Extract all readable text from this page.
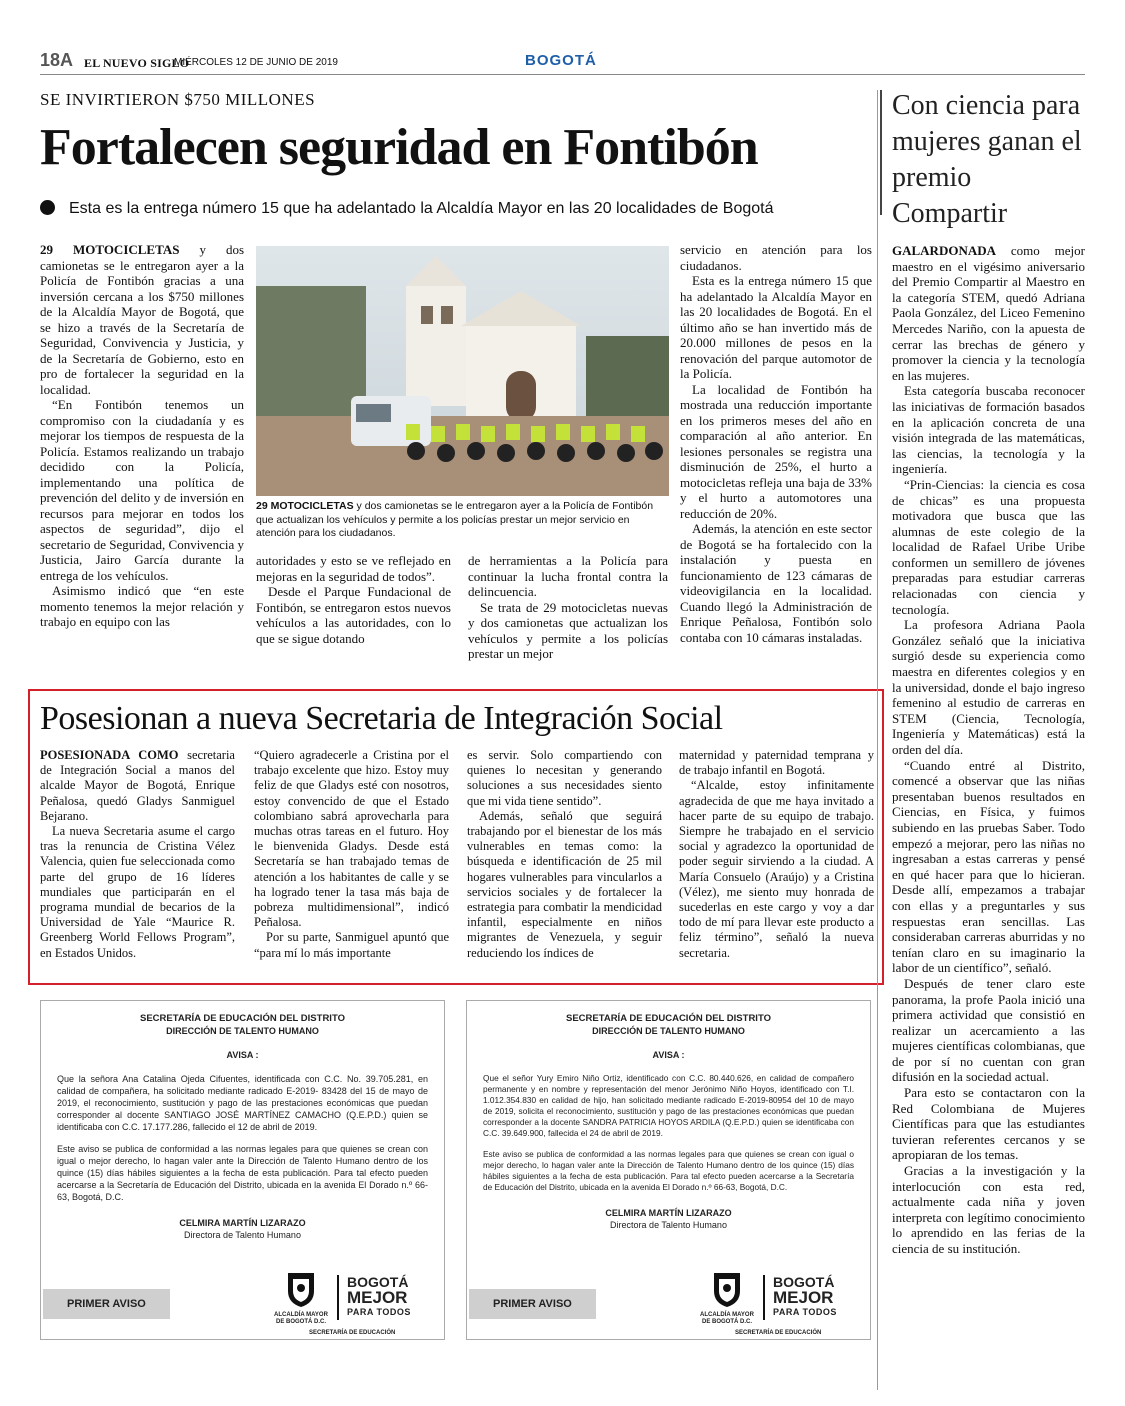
18A EL NUEVO SIGLO
MIÉRCOLES 12 DE JUNIO DE 2019	BOGOTÁ
SE INVIRTIERON $750 MILLONES
Fortalecen seguridad en Fontibón
Esta es la entrega número 15 que ha adelantado la Alcaldía Mayor en las 20 localidades de Bogotá

29 MOTOCICLETAS y dos camionetas se le entregaron ayer a la Policía de Fontibón gracias a una inversión cercana a los $750 millones de la Alcaldía Mayor de Bogotá, que se hizo a través de la Secretaría de Seguridad, Convivencia y Justicia, y de la Secretaría de Gobierno, esto en pro de fortalecer la seguridad en la localidad.

“En Fontibón tenemos un compromiso con la ciudadanía y es mejorar los tiempos de respuesta de la Policía. Estamos realizando un trabajo decidido con la Policía, implementando una política de prevención del delito y de inversión en recursos para mejorar en todos los aspectos de seguridad”, dijo el secretario de Seguridad, Convivencia y Justicia, Jairo García durante la entrega de los vehículos.

Asimismo indicó que “en este momento tenemos la mejor relación y trabajo en equipo con las

29 MOTOCICLETAS y dos camionetas se le entregaron ayer a la Policía de Fontibón que actualizan los vehículos y permite a los policías prestar un mejor servicio en atención para los ciudadanos.

autoridades y esto se ve reflejado en mejoras en la seguridad de todos”.

Desde el Parque Fundacional de Fontibón, se entregaron estos nuevos vehículos a las autoridades, con lo que se sigue dotando

de herramientas a la Policía para continuar la lucha frontal contra la delincuencia.

Se trata de 29 motocicletas nuevas y dos camionetas que actualizan los vehículos y permite a los policías prestar un mejor

servicio en atención para los ciudadanos.

Esta es la entrega número 15 que ha adelantado la Alcaldía Mayor en las 20 localidades de Bogotá. En el último año se han invertido más de 20.000 millones de pesos en la renovación del parque automotor de la Policía.

La localidad de Fontibón ha mostrada una reducción importante en los primeros meses del año en comparación al año anterior. En lesiones personales se registra una disminución de 25%, el hurto a motocicletas refleja una baja de 33% y el hurto a automotores una reducción de 20%.

Además, la atención en este sector de Bogotá se ha fortalecido con la instalación y puesta en funcionamiento de 123 cámaras de videovigilancia en la localidad. Cuando llegó la Administración de Enrique Peñalosa, Fontibón solo contaba con 10 cámaras instaladas.

Posesionan a nueva Secretaria de Integración Social

POSESIONADA COMO secretaria de Integración Social a manos del alcalde Mayor de Bogotá, Enrique Peñalosa, quedó Gladys Sanmiguel Bejarano.

La nueva Secretaria asume el cargo tras la renuncia de Cristina Vélez Valencia, quien fue seleccionada como parte del grupo de 16 líderes mundiales que participarán en el programa mundial de becarios de la Universidad de Yale “Maurice R. Greenberg World Fellows Program”, en Estados Unidos.

“Quiero agradecerle a Cristina por el trabajo excelente que hizo. Estoy muy feliz de que Gladys esté con nosotros, estoy convencido de que el Estado colombiano sabrá aprovecharla para muchas otras tareas en el futuro. Hoy le bienvenida Gladys. Desde está Secretaría se han trabajado temas de atención a los habitantes de calle y se ha logrado tener la tasa más baja de pobreza multidimensional”, indicó Peñalosa.

Por su parte, Sanmiguel apuntó que “para mí lo más importante

es servir. Solo compartiendo con quienes lo necesitan y generando soluciones a sus necesidades siento que mi vida tiene sentido”.

Además, señaló que seguirá trabajando por el bienestar de los más vulnerables en temas como: la búsqueda e identificación de 25 mil hogares vulnerables para vincularlos a servicios sociales y de fortalecer la estrategia para combatir la mendicidad infantil, especialmente en niños migrantes de Venezuela, y seguir reduciendo los índices de

maternidad y paternidad temprana y de trabajo infantil en Bogotá.

“Alcalde, estoy infinitamente agradecida de que me haya invitado a hacer parte de su equipo de trabajo. Siempre he trabajado en el servicio social y agradezco la oportunidad de poder seguir sirviendo a la ciudad. A María Consuelo (Araújo) y a Cristina (Vélez), me siento muy honrada de sucederlas en este cargo y voy a dar todo de mí para llevar este producto a feliz término”, señaló la nueva secretaria.

Con ciencia para mujeres ganan el premio Compartir

GALARDONADA como mejor maestro en el vigésimo aniversario del Premio Compartir al Maestro en la categoría STEM, quedó Adriana Paola González, del Liceo Femenino Mercedes Nariño, con la apuesta de cerrar las brechas de género y promover la ciencia y la tecnología en las mujeres.

Esta categoría buscaba reconocer las iniciativas de formación basados en la aplicación concreta de una visión integrada de las matemáticas, las ciencias, la tecnología y la ingeniería.

“Prin-Ciencias: la ciencia es cosa de chicas” es una propuesta motivadora que busca que las alumnas de este colegio de la localidad de Rafael Uribe Uribe conformen un semillero de jóvenes preparadas para estudiar carreras relacionadas con ciencia y tecnología.

La profesora Adriana Paola González señaló que la iniciativa surgió desde su experiencia como maestra en diferentes colegios y en la universidad, donde el bajo ingreso femenino al estudio de carreras en STEM (Ciencia, Tecnología, Ingeniería y Matemáticas) está la orden del día.

“Cuando entré al Distrito, comencé a observar que las niñas presentaban buenos resultados en Ciencias, en Física, y fuimos subiendo en las pruebas Saber. Todo empezó a mejorar, pero las niñas no ingresaban a estas carreras y pensé en qué hacer para que lo hicieran. Desde allí, empezamos a trabajar con ellas y a preguntarles y sus respuestas eran sencillas. Las consideraban carreras aburridas y no tenían claro en su imaginario la labor de un científico”, señaló.

Después de tener claro este panorama, la profe Paola inició una primera actividad que consistió en realizar un acercamiento a las mujeres científicas colombianas, que de por sí no cuentan con gran difusión en la sociedad actual.

Para esto se contactaron con la Red Colombiana de Mujeres Científicas para que las estudiantes tuvieran referentes cercanos y se apropiaran de los temas.

Gracias a la investigación y la interlocución con esta red, actualmente cada niña y joven interpreta con legítimo conocimiento lo aprendido en las ferias de la ciencia de su institución.

SECRETARÍA DE EDUCACIÓN DEL DISTRITO
DIRECCIÓN DE TALENTO HUMANO
AVISA :

Que la señora Ana Catalina Ojeda Cifuentes, identificada con C.C. No. 39.705.281, en calidad de compañera, ha solicitado mediante radicado E-2019- 83428 del 15 de mayo de 2019, el reconocimiento, sustitución y pago de las prestaciones económicas que puedan corresponder al docente SANTIAGO JOSÉ MARTÍNEZ CAMACHO (Q.E.P.D.) quien se identificaba con C.C. 17.177.286, fallecido el 12 de abril de 2019.

Este aviso se publica de conformidad a las normas legales para que quienes se crean con igual o mejor derecho, lo hagan valer ante la Dirección de Talento Humano dentro de los quince (15) días hábiles siguientes a la fecha de esta publicación. Para tal efecto pueden acercarse a la Secretaría de Educación del Distrito, ubicada en la avenida El Dorado n.º 66-63, Bogotá, D.C.

CELMIRA MARTÍN LIZARAZO
Directora de Talento Humano
PRIMER AVISO
ALCALDÍA MAYOR DE BOGOTÁ D.C.
BOGOTÁ
MEJOR
PARA TODOS
SECRETARÍA DE EDUCACIÓN
SECRETARÍA DE EDUCACIÓN DEL DISTRITO
DIRECCIÓN DE TALENTO HUMANO
AVISA :

Que el señor Yury Emiro Niño Ortiz, identificado con C.C. 80.440.626, en calidad de compañero permanente y en nombre y representación del menor Jerónimo Niño Hoyos, identificado con T.I. 1.012.354.830 en calidad de hijo, han solicitado mediante radicado E-2019-80954 del 10 de mayo de 2019, solicita el reconocimiento, sustitución y pago de las prestaciones económicas que puedan corresponder a la docente SANDRA PATRICIA HOYOS ARDILA (Q.E.P.D.) quien se identificaba con C.C. 39.649.900, fallecida el 24 de abril de 2019.

Este aviso se publica de conformidad a las normas legales para que quienes se crean con igual o mejor derecho, lo hagan valer ante la Dirección de Talento Humano dentro de los quince (15) días hábiles siguientes a la fecha de esta publicación. Para tal efecto pueden acercarse a la Secretaría de Educación del Distrito, ubicada en la avenida El Dorado n.º 66-63, Bogotá, D.C.

CELMIRA MARTÍN LIZARAZO
Directora de Talento Humano
PRIMER AVISO
ALCALDÍA MAYOR DE BOGOTÁ D.C.
BOGOTÁ
MEJOR
PARA TODOS
SECRETARÍA DE EDUCACIÓN
